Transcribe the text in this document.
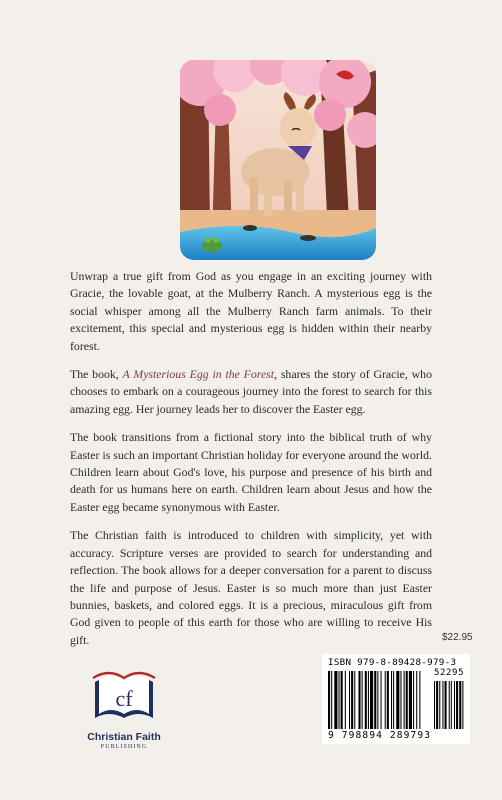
Unwrap a true gift from God as you engage in an exciting journey with Gracie, the lovable goat, at the Mulberry Ranch. A mysterious egg is the social whisper among all the Mulberry Ranch farm animals. To their excitement, this special and mysterious egg is hidden within their nearby forest.

The book, A Mysterious Egg in the Forest, shares the story of Gracie, who chooses to embark on a courageous journey into the forest to search for this amazing egg. Her journey leads her to discover the Easter egg.

The book transitions from a fictional story into the biblical truth of why Easter is such an important Christian holiday for everyone around the world. Children learn about God's love, his purpose and presence of his birth and death for us humans here on earth. Children learn about Jesus and how the Easter egg became synonymous with Easter.

The Christian faith is introduced to children with simplicity, yet with accuracy. Scripture verses are provided to search for understanding and reflection. The book allows for a deeper conversation for a parent to discuss the life and purpose of Jesus. Easter is so much more than just Easter bunnies, baskets, and colored eggs. It is a precious, miraculous gift from God given to people of this earth for those who are willing to receive His gift.	$22.95
ISBN 979-8-89428-979-3
52295
9 798894 289793
cf
Christian Faith
PUBLISHING
